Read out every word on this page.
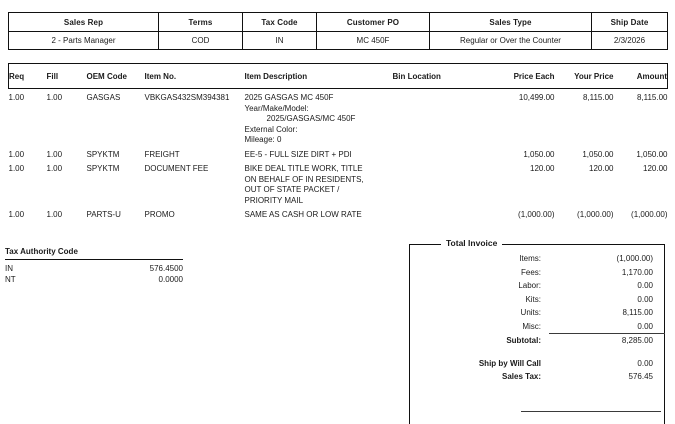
Sales Rep	Terms	Tax Code	Customer PO	Sales Type	Ship Date
2 - Parts Manager	COD	IN	MC 450F	Regular or Over the Counter	2/3/2026
Req	Fill	OEM Code	Item No.	Item Description	Bin Location	Price Each	Your Price	Amount
1.00	1.00	GASGAS	VBKGAS432SM394381	2025 GASGAS MC 450F
Year/Make/Model:
2025/GASGAS/MC 450F
External Color:
Mileage: 0		10,499.00	8,115.00	8,115.00
1.00	1.00	SPYKTM	FREIGHT	EE-5 - FULL SIZE DIRT + PDI		1,050.00	1,050.00	1,050.00
1.00	1.00	SPYKTM	DOCUMENT FEE	BIKE DEAL TITLE WORK, TITLE
ON BEHALF OF IN RESIDENTS,
OUT OF STATE PACKET /
PRIORITY MAIL		120.00	120.00	120.00
1.00	1.00	PARTS-U	PROMO	SAME AS CASH OR LOW RATE		(1,000.00)	(1,000.00)	(1,000.00)
Tax Authority Code
IN	576.4500
NT	0.0000
Total Invoice
Items:	(1,000.00)
Fees:	1,170.00
Labor:	0.00
Kits:	0.00
Units:	8,115.00
Misc:	0.00
Subtotal:	8,285.00

Ship by Will Call	0.00
Sales Tax:	576.45
